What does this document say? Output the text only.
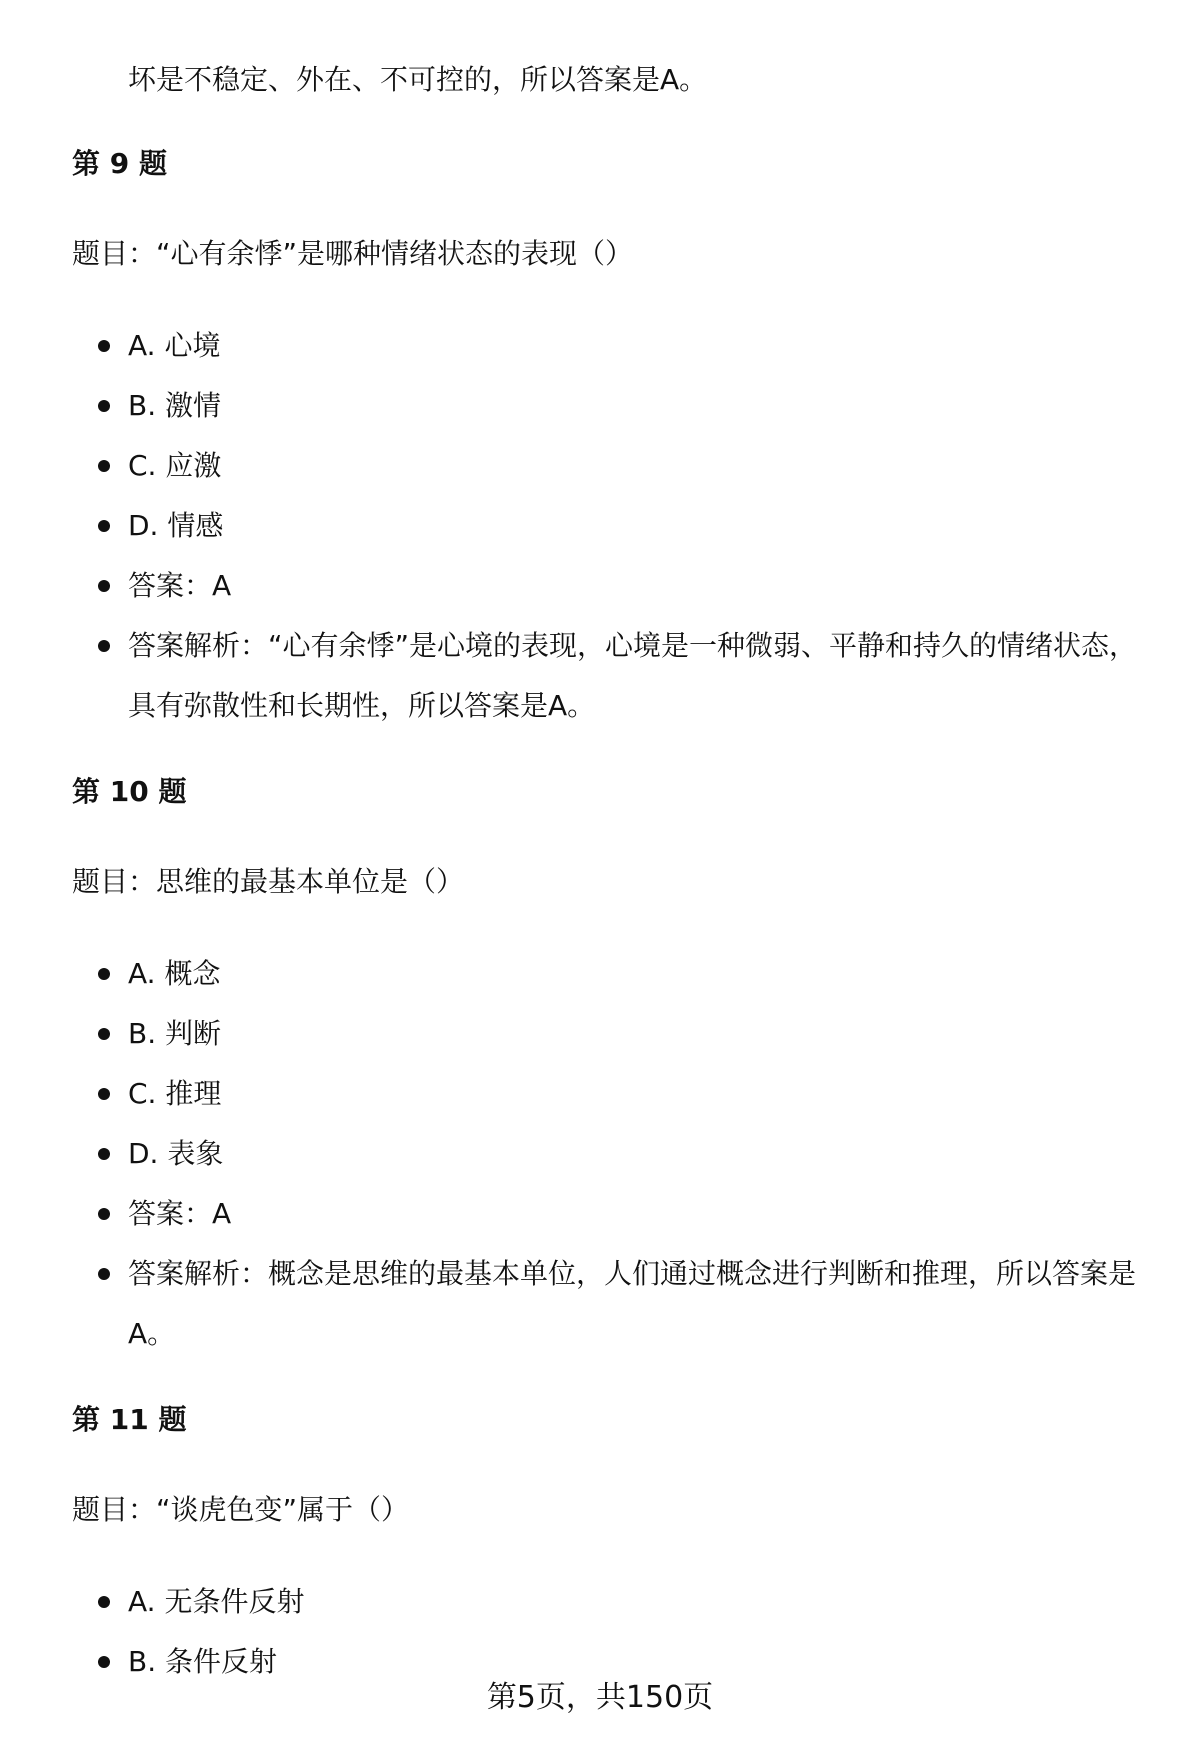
坏是不稳定、外在、不可控的，所以答案是A。
第 9 题
题目：“心有余悸”是哪种情绪状态的表现（）
A. 心境
B. 激情
C. 应激
D. 情感
答案：A
答案解析：“心有余悸”是心境的表现，心境是一种微弱、平静和持久的情绪状态，具有弥散性和长期性，所以答案是A。
第 10 题
题目：思维的最基本单位是（）
A. 概念
B. 判断
C. 推理
D. 表象
答案：A
答案解析：概念是思维的最基本单位，人们通过概念进行判断和推理，所以答案是A。
第 11 题
题目：“谈虎色变”属于（）
A. 无条件反射
B. 条件反射
第5页，共150页
